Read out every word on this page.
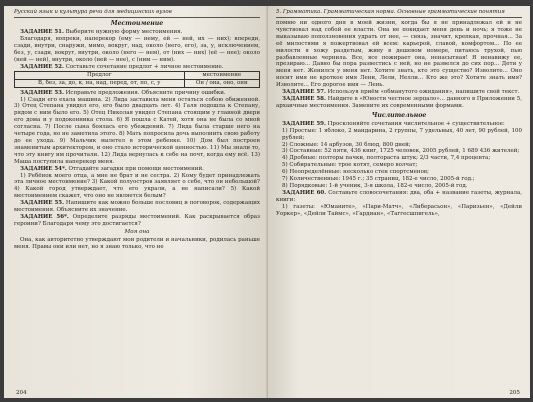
Русский язык и культура речи для медицинских вузов
Местоимение

ЗАДАНИЕ 51. Выберите нужную форму местоимения.

Благодаря, вопреки, наперекор (ему — нему, ей — ней, их — них); впереди, сзади, внутри, снаружи, мимо, вокруг, над, около (него, его), за, у, исключением, без, у, сзади, вокруг, внутри, около (него — нем), от (них — них) (её — нее); около (ней — ней), внутри, около (ней — нее), с (ним — ним).

ЗАДАНИЕ 52. Составьте сочетание предлог + личное местоимение.

Предлог	местоимение
В, без, за, до, к, на, над, перед, от, по, с, у	Он / она, оно, они

ЗАДАНИЕ 53. Исправьте предложения. Объясните причину ошибки.

1) Сзади его ехала машина. 2) Лида заставила меня остаться собою обиженной. 3) Отец Степана увидел его, его было двадцать лет. 4) Галя подошла к Степану, рядом с ним было его. 5) Отец Николая увидел Степана стоящим у главной двери его дома и у подоконника стола. 6) Я пошла с Катей, хотя она не была со мной согласна. 7) После сына боялась его убеждений. 7) Лида была старше него на четыре года, но не заметила этого. 8) Мать попросила дочь выполнить свою работу до ее ухода. 9) Мальчик вылетел в этом ребенке. 10) Дом был построен знаменитым архитектором, и оно стало исторической ценностью. 11) Мы знали то, что эту книгу им прочитали. 12) Лида вернулась к себе на почт, когда ему всё. 13) Маша поступила наперекор меня.

ЗАДАНИЕ 54*. Отгадайте загадки при помощи местоимений.

1) Ребёнок моего отца, а мне не брат и не сестра. 2) Кому будет принадлежать эта личное местоимение? 3) Какой полуостров заявляет о себе, что он небольшой? 4) Какой город утверждает, что его украли, а не написали? 5) Какой местоимением скажет, что оно не является белым?

ЗАДАНИЕ 55. Напишите как можно больше пословиц и поговорок, содержащих местоимения. Объясните их значение.

ЗАДАНИЕ 56*. Определите разряды местоимений. Как раскрывается образ героини? Благодаря чему это достигается?

Моя она

Она, как авторитетно утверждают мои родители и начальники, родилась раньше меня. Правы они или нет, но я знаю только, что не

204
5. Грамматика. Грамматическая норма. Основные грамматические понятия

помню ни одного дня в моей жизни, когда бы я не принадлежал ей и не чувствовал над собой ее власти. Она не покидает меня день и ночь; я тоже не выказываю поползновения удрать от нее, — связь, значит, крепкая, прочная... За её милостями я пожертвовал ей всем: карьерой, славой, комфортом... По ее милости я хожу раздетым, живу в дешевом номере, питаюсь трухой, пью разбавленные чернила. Все, все пожирает она, ненасытная! Я ненавижу ее, презираю... Давно бы пора развестись с ней, но не развелся до сих пор... Дети у меня нет. Женился у меня нет. Хотите знать, кто это существо? Изволите... Оно носит имя не кроткое имя Лени, Лели, Нелли... Кто же это? Хотите знать имя? Изволите... Его дорогое имя — Лень.

ЗАДАНИЕ 57. Используя приём «обманутого ожидания», напишите свой текст.

ЗАДАНИЕ 58. Найдите в «Юности честное зерцало»... данного в Приложении 5, архаичные местоимения. Замените их современными формами.

Числительное

ЗАДАНИЕ 59. Просклоняйте сочетания числительное + существительное:

1) Простые: 1 яблоко, 2 мандарина, 2 группы, 7 удельных, 40 лет, 90 рублей, 100 рублей;
2) Сложные: 14 арбузов, 30 блюд, 800 дней;
3) Составные: 52 пяти, 436 книг, 1725 человек, 2005 рублей, 1 689 436 жителей;
4) Дробные: полторы пачки, полтораста штук; 2/3 части, 7,4 процента;
5) Собирательные: трое котят, семеро волчат;
6) Неопределённые: несколько стен спортсменов;
7) Количественные: 1945 г.; 35 страниц, 182-е число, 2005-й год.;
8) Порядковые: 1-й ученик, 3-я школа, 182-е число, 2005-й год.

ЗАДАНИЕ 60. Составьте словосочетания: два, оба + название газеты, журнала, книги:

1) газеты: «Юманите», «Пари-Матч», «Либерасьон», «Паризьен», «Дейли Уоркер», «Дейли Таймс», «Гардиан», «Таггесшпигель»,

205
